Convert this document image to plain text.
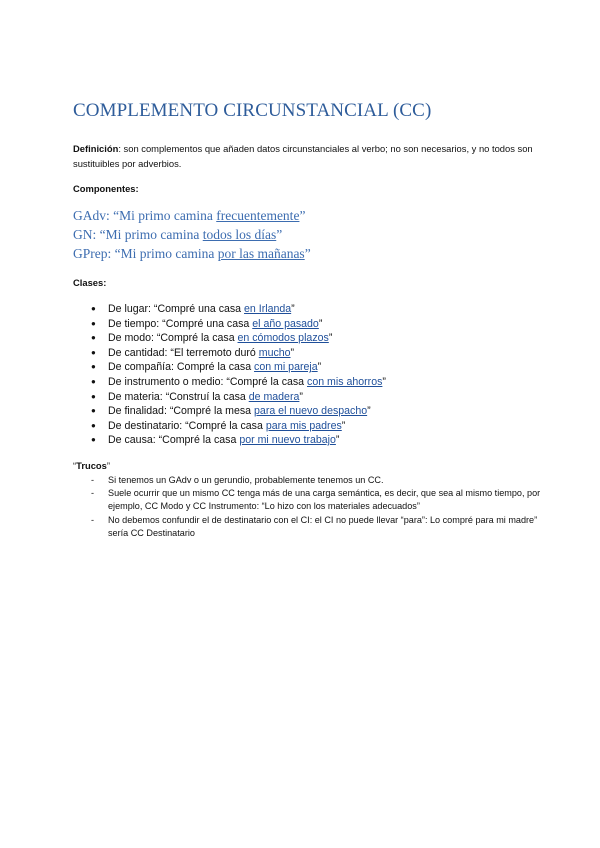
COMPLEMENTO CIRCUNSTANCIAL (CC)

Definición: son complementos que añaden datos circunstanciales al verbo; no son necesarios, y no todos son sustituibles por adverbios.

Componentes:

GAdv: “Mi primo camina frecuentemente”
GN: “Mi primo camina todos los días”
GPrep: “Mi primo camina por las mañanas”

Clases:

● De lugar: “Compré una casa en Irlanda”
● De tiempo: “Compré una casa el año pasado”
● De modo: “Compré la casa en cómodos plazos”
● De cantidad: “El terremoto duró mucho”
● De compañía: Compré la casa con mi pareja”
● De instrumento o medio: “Compré la casa con mis ahorros”
● De materia: “Construí la casa de madera”
● De finalidad: “Compré la mesa para el nuevo despacho”
● De destinatario: “Compré la casa para mis padres”
● De causa: “Compré la casa por mi nuevo trabajo”

“Trucos”

- Si tenemos un GAdv o un gerundio, probablemente tenemos un CC.
- Suele ocurrir que un mismo CC tenga más de una carga semántica, es decir, que sea al mismo tiempo, por ejemplo, CC Modo y CC Instrumento: “Lo hizo con los materiales adecuados”
- No debemos confundir el de destinatario con el CI: el CI no puede llevar “para”: Lo compré para mi madre” sería CC Destinatario
